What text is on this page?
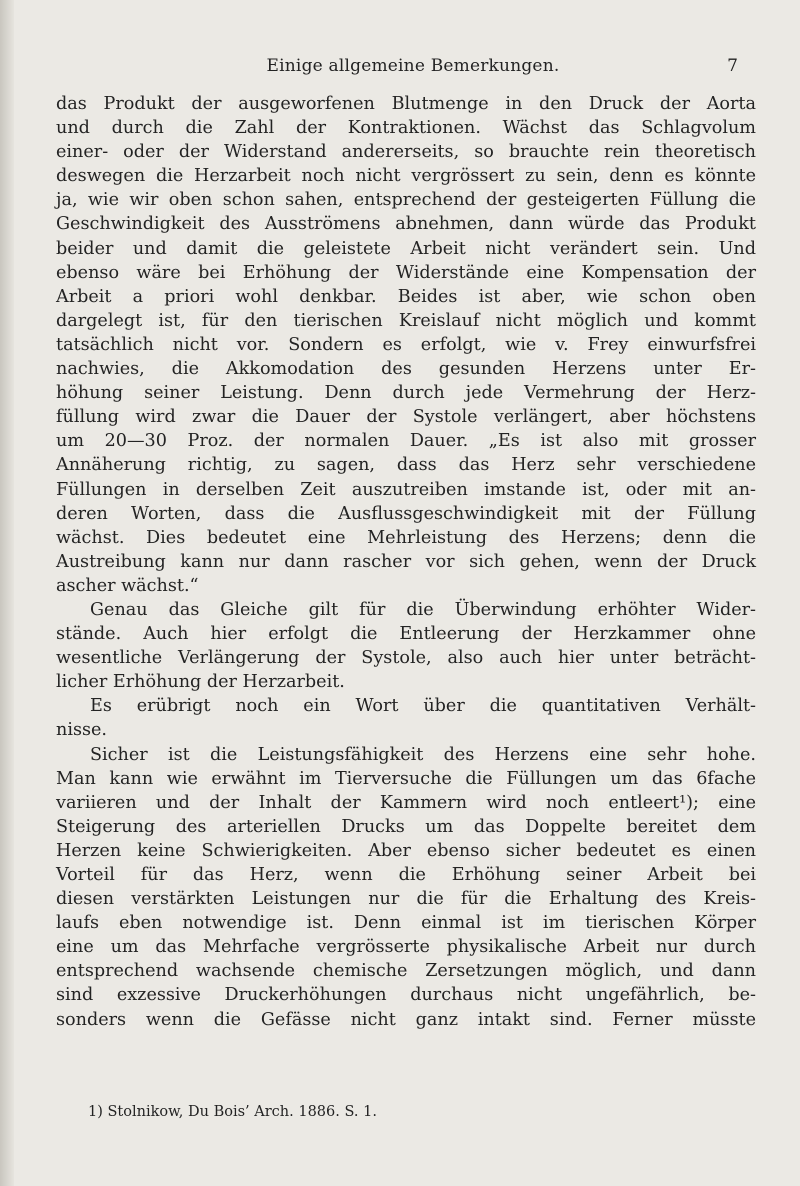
Einige allgemeine Bemerkungen.	7
das Produkt der ausgeworfenen Blutmenge in den Druck der Aorta
und durch die Zahl der Kontraktionen. Wächst das Schlagvolum
einer- oder der Widerstand andererseits, so brauchte rein theoretisch
deswegen die Herzarbeit noch nicht vergrössert zu sein, denn es könnte
ja, wie wir oben schon sahen, entsprechend der gesteigerten Füllung die
Geschwindigkeit des Ausströmens abnehmen, dann würde das Produkt
beider und damit die geleistete Arbeit nicht verändert sein. Und
ebenso wäre bei Erhöhung der Widerstände eine Kompensation der
Arbeit a priori wohl denkbar. Beides ist aber, wie schon oben
dargelegt ist, für den tierischen Kreislauf nicht möglich und kommt
tatsächlich nicht vor. Sondern es erfolgt, wie v. Frey einwurfsfrei
nachwies, die Akkomodation des gesunden Herzens unter Er-
höhung seiner Leistung. Denn durch jede Vermehrung der Herz-
füllung wird zwar die Dauer der Systole verlängert, aber höchstens
um 20—30 Proz. der normalen Dauer. „Es ist also mit grosser
Annäherung richtig, zu sagen, dass das Herz sehr verschiedene
Füllungen in derselben Zeit auszutreiben imstande ist, oder mit an-
deren Worten, dass die Ausflussgeschwindigkeit mit der Füllung
wächst. Dies bedeutet eine Mehrleistung des Herzens; denn die
Austreibung kann nur dann rascher vor sich gehen, wenn der Druck
ascher wächst.“
Genau das Gleiche gilt für die Überwindung erhöhter Wider-
stände. Auch hier erfolgt die Entleerung der Herzkammer ohne
wesentliche Verlängerung der Systole, also auch hier unter beträcht-
licher Erhöhung der Herzarbeit.
Es erübrigt noch ein Wort über die quantitativen Verhält-
nisse.
Sicher ist die Leistungsfähigkeit des Herzens eine sehr hohe.
Man kann wie erwähnt im Tierversuche die Füllungen um das 6fache
variieren und der Inhalt der Kammern wird noch entleert¹); eine
Steigerung des arteriellen Drucks um das Doppelte bereitet dem
Herzen keine Schwierigkeiten. Aber ebenso sicher bedeutet es einen
Vorteil für das Herz, wenn die Erhöhung seiner Arbeit bei
diesen verstärkten Leistungen nur die für die Erhaltung des Kreis-
laufs eben notwendige ist. Denn einmal ist im tierischen Körper
eine um das Mehrfache vergrösserte physikalische Arbeit nur durch
entsprechend wachsende chemische Zersetzungen möglich, und dann
sind exzessive Druckerhöhungen durchaus nicht ungefährlich, be-
sonders wenn die Gefässe nicht ganz intakt sind. Ferner müsste
1) Stolnikow, Du Bois’ Arch. 1886. S. 1.
